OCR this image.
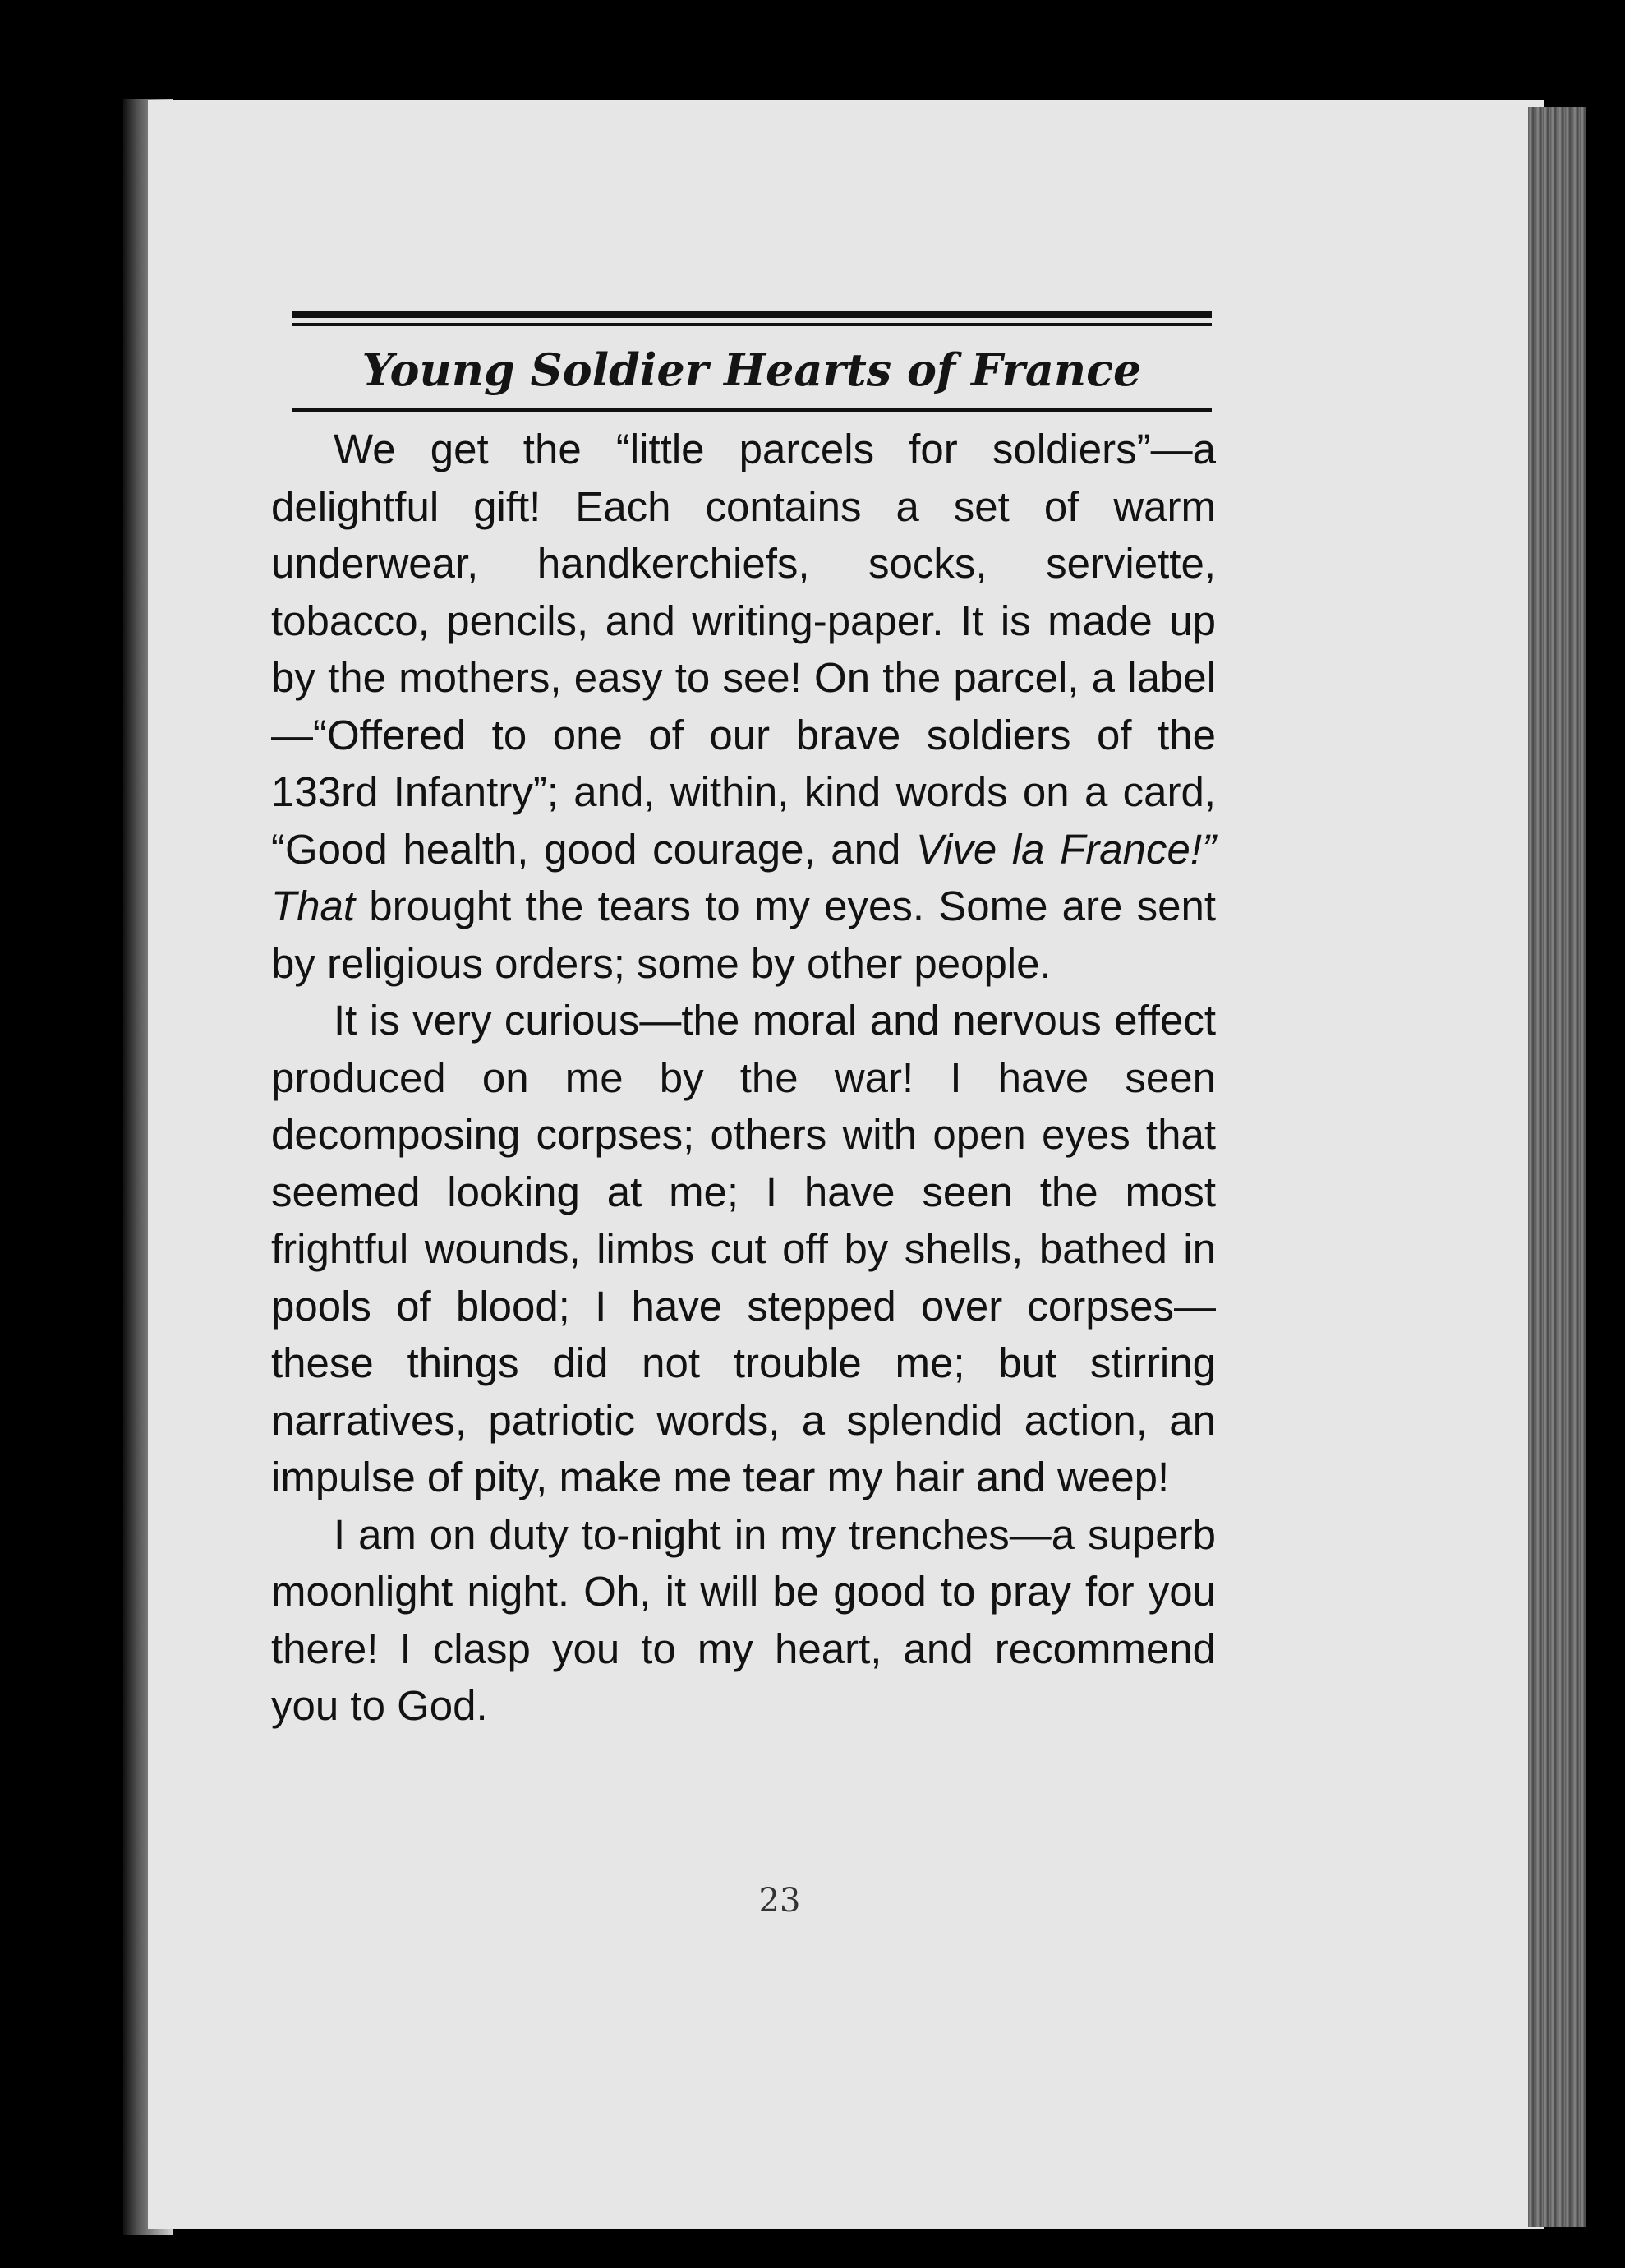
Young Soldier Hearts of France

We get the “little parcels for soldiers”—a delightful gift! Each contains a set of warm underwear, handkerchiefs, socks, serviette, tobacco, pencils, and writing-paper. It is made up by the mothers, easy to see! On the parcel, a label—“Offered to one of our brave soldiers of the 133rd Infantry”; and, within, kind words on a card, “Good health, good courage, and Vive la France!” That brought the tears to my eyes. Some are sent by religious orders; some by other people.

It is very curious—the moral and nervous effect produced on me by the war! I have seen decomposing corpses; others with open eyes that seemed looking at me; I have seen the most frightful wounds, limbs cut off by shells, bathed in pools of blood; I have stepped over corpses—these things did not trouble me; but stirring narratives, patriotic words, a splendid action, an impulse of pity, make me tear my hair and weep!

I am on duty to-night in my trenches—a superb moonlight night. Oh, it will be good to pray for you there! I clasp you to my heart, and recommend you to God.

23
